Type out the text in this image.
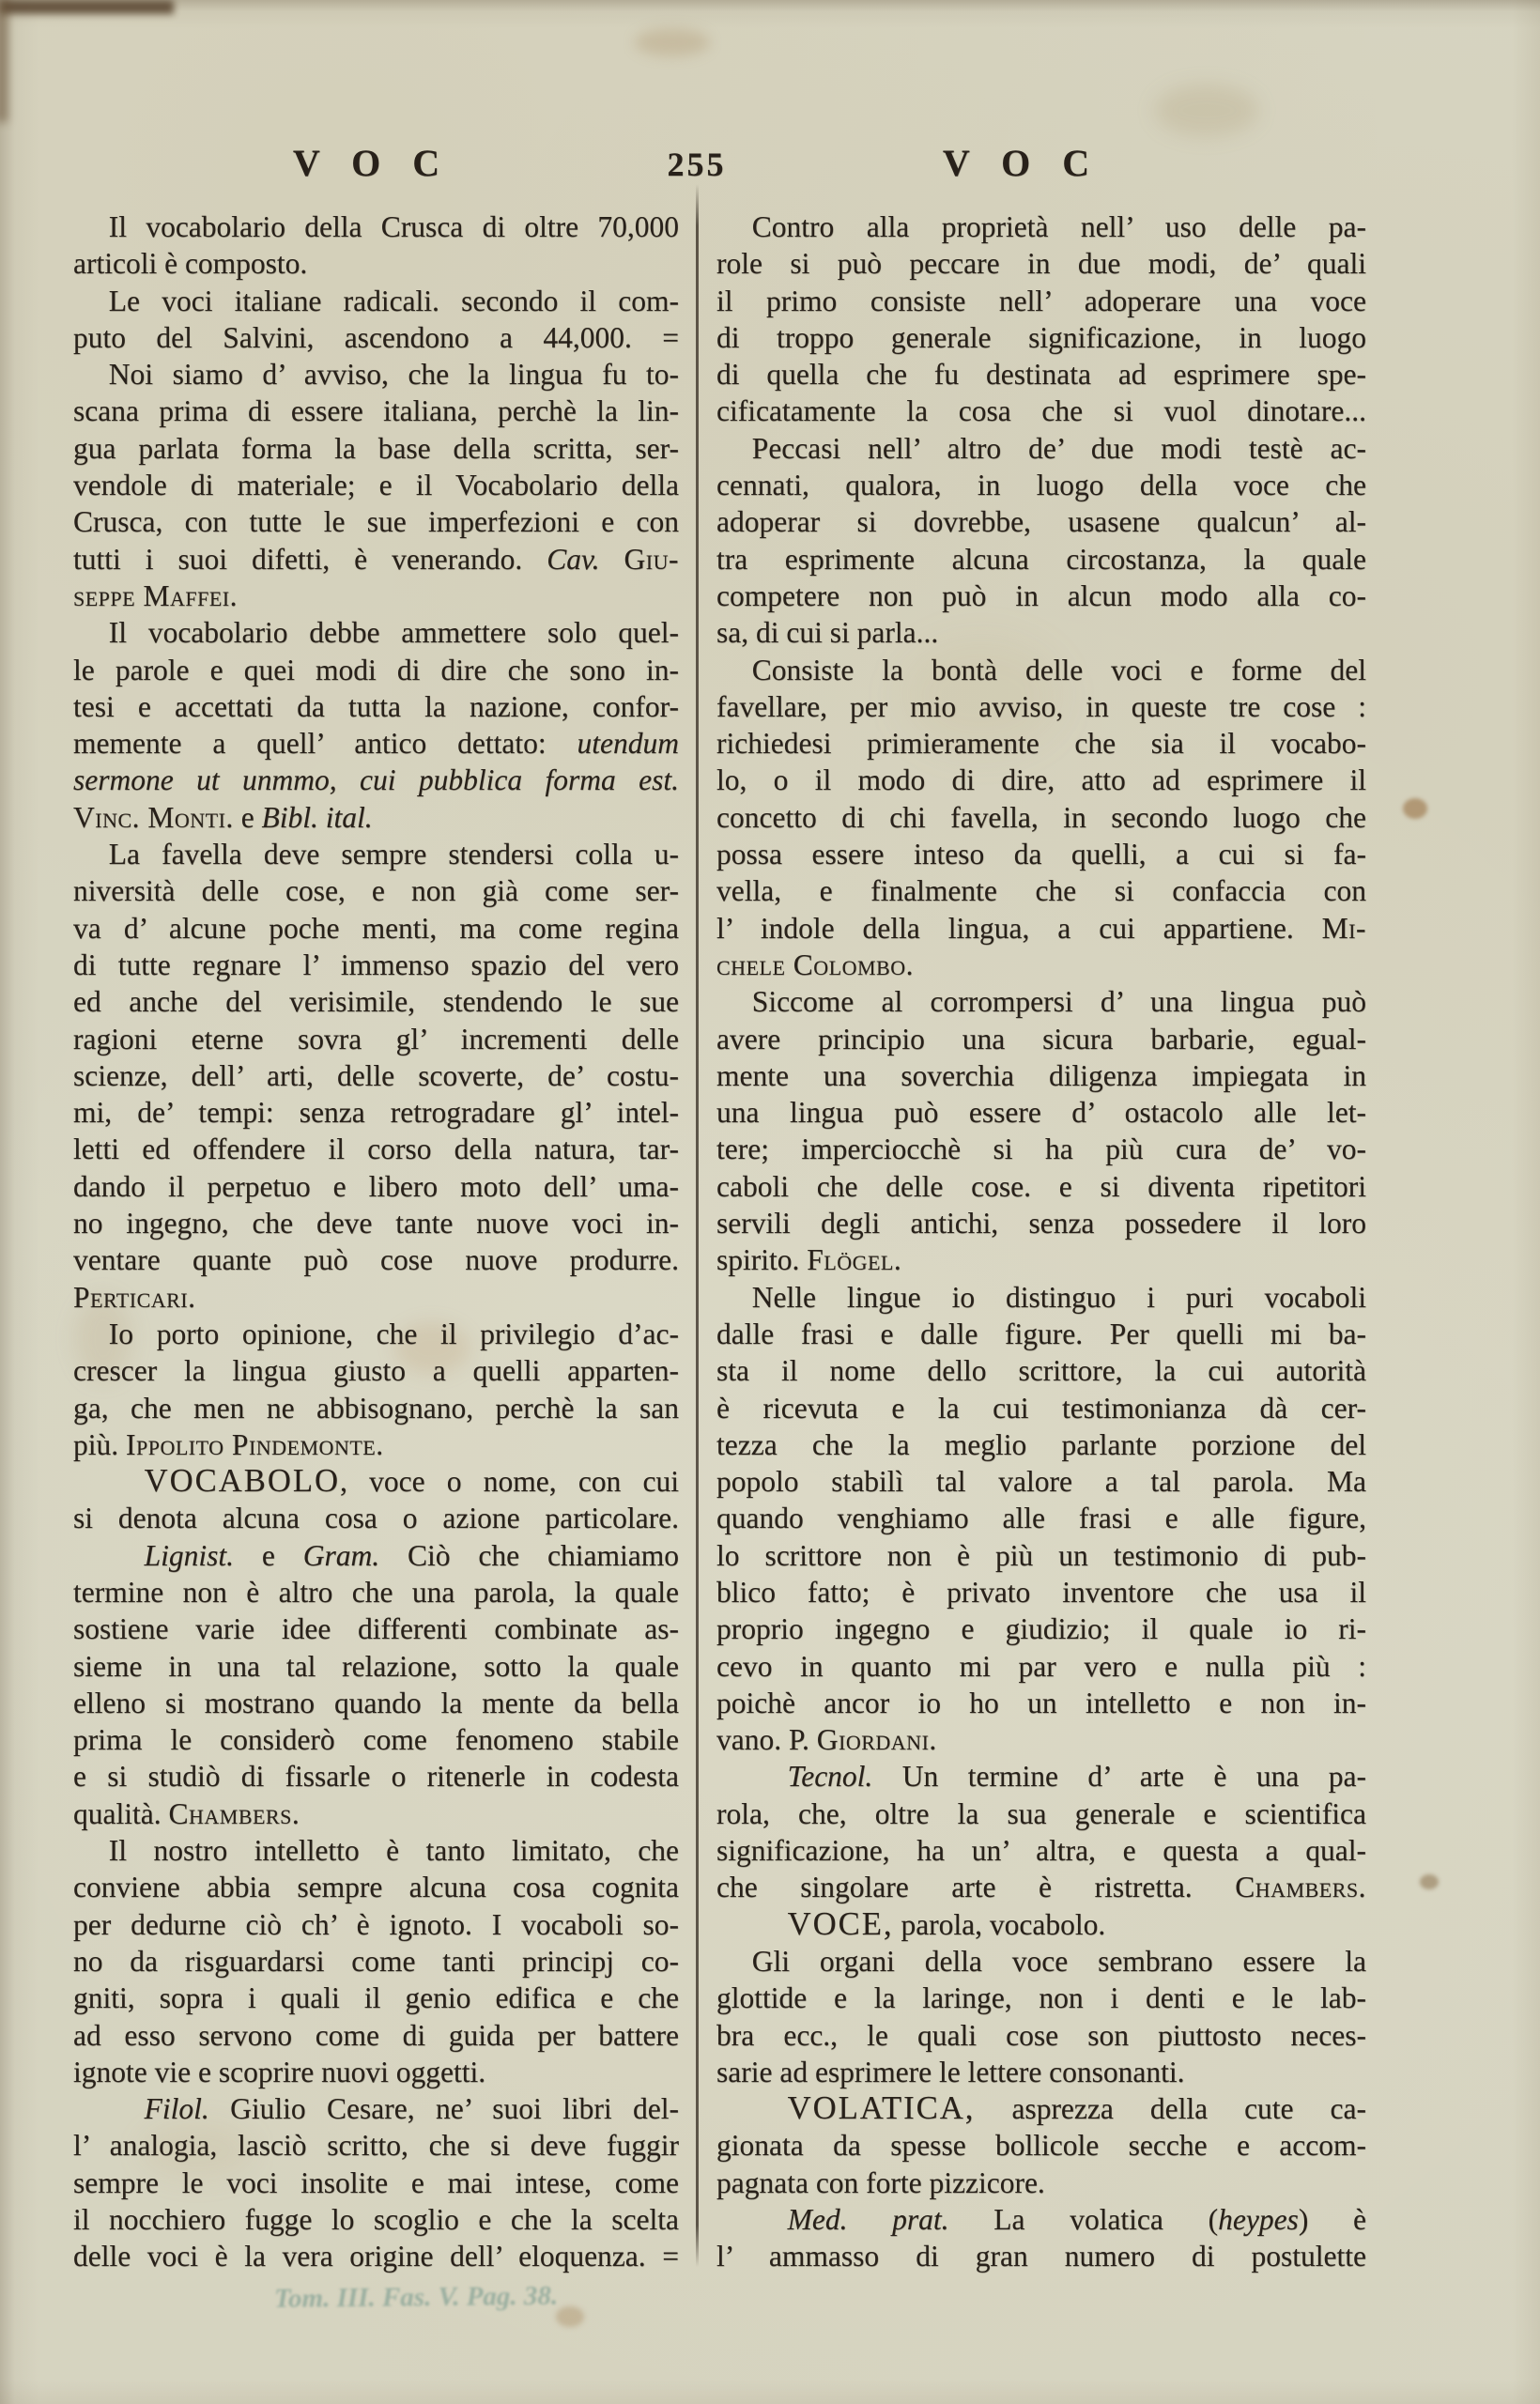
V O C	255	V O C
Il vocabolario della Crusca di oltre 70,000
articoli è composto.
Le voci italiane radicali. secondo il com-
puto del Salvini, ascendono a 44,000. =
Noi siamo d’ avviso, che la lingua fu to-
scana prima di essere italiana, perchè la lin-
gua parlata forma la base della scritta, ser-
vendole di materiale; e il Vocabolario della
Crusca, con tutte le sue imperfezioni e con
tutti i suoi difetti, è venerando. Cav. Giu-
seppe Maffei.
Il vocabolario debbe ammettere solo quel-
le parole e quei modi di dire che sono in-
tesi e accettati da tutta la nazione, confor-
memente a quell’ antico dettato: utendum
sermone ut unmmo, cui pubblica forma est.
Vinc. Monti. e Bibl. ital.
La favella deve sempre stendersi colla u-
niversità delle cose, e non già come ser-
va d’ alcune poche menti, ma come regina
di tutte regnare l’ immenso spazio del vero
ed anche del verisimile, stendendo le sue
ragioni eterne sovra gl’ incrementi delle
scienze, dell’ arti, delle scoverte, de’ costu-
mi, de’ tempi: senza retrogradare gl’ intel-
letti ed offendere il corso della natura, tar-
dando il perpetuo e libero moto dell’ uma-
no ingegno, che deve tante nuove voci in-
ventare quante può cose nuove produrre.
Perticari.
Io porto opinione, che il privilegio d’ac-
crescer la lingua giusto a quelli apparten-
ga, che men ne abbisognano, perchè la san
più. Ippolito Pindemonte.
VOCABOLO, voce o nome, con cui
si denota alcuna cosa o azione particolare.
Lignist. e Gram. Ciò che chiamiamo
termine non è altro che una parola, la quale
sostiene varie idee differenti combinate as-
sieme in una tal relazione, sotto la quale
elleno si mostrano quando la mente da bella
prima le considerò come fenomeno stabile
e si studiò di fissarle o ritenerle in codesta
qualità. Chambers.
Il nostro intelletto è tanto limitato, che
conviene abbia sempre alcuna cosa cognita
per dedurne ciò ch’ è ignoto. I vocaboli so-
no da risguardarsi come tanti principj co-
gniti, sopra i quali il genio edifica e che
ad esso servono come di guida per battere
ignote vie e scoprire nuovi oggetti.
Filol. Giulio Cesare, ne’ suoi libri del-
l’ analogia, lasciò scritto, che si deve fuggir
sempre le voci insolite e mai intese, come
il nocchiero fugge lo scoglio e che la scelta
delle voci è la vera origine dell’ eloquenza. =
Contro alla proprietà nell’ uso delle pa-
role si può peccare in due modi, de’ quali
il primo consiste nell’ adoperare una voce
di troppo generale significazione, in luogo
di quella che fu destinata ad esprimere spe-
cificatamente la cosa che si vuol dinotare...
Peccasi nell’ altro de’ due modi testè ac-
cennati, qualora, in luogo della voce che
adoperar si dovrebbe, usasene qualcun’ al-
tra esprimente alcuna circostanza, la quale
competere non può in alcun modo alla co-
sa, di cui si parla...
Consiste la bontà delle voci e forme del
favellare, per mio avviso, in queste tre cose :
richiedesi primieramente che sia il vocabo-
lo, o il modo di dire, atto ad esprimere il
concetto di chi favella, in secondo luogo che
possa essere inteso da quelli, a cui si fa-
vella, e finalmente che si confaccia con
l’ indole della lingua, a cui appartiene. Mi-
chele Colombo.
Siccome al corrompersi d’ una lingua può
avere principio una sicura barbarie, egual-
mente una soverchia diligenza impiegata in
una lingua può essere d’ ostacolo alle let-
tere; imperciocchè si ha più cura de’ vo-
caboli che delle cose. e si diventa ripetitori
servili degli antichi, senza possedere il loro
spirito. Flögel.
Nelle lingue io distinguo i puri vocaboli
dalle frasi e dalle figure. Per quelli mi ba-
sta il nome dello scrittore, la cui autorità
è ricevuta e la cui testimonianza dà cer-
tezza che la meglio parlante porzione del
popolo stabilì tal valore a tal parola. Ma
quando venghiamo alle frasi e alle figure,
lo scrittore non è più un testimonio di pub-
blico fatto; è privato inventore che usa il
proprio ingegno e giudizio; il quale io ri-
cevo in quanto mi par vero e nulla più :
poichè ancor io ho un intelletto e non in-
vano. P. Giordani.
Tecnol. Un termine d’ arte è una pa-
rola, che, oltre la sua generale e scientifica
significazione, ha un’ altra, e questa a qual-
che singolare arte è ristretta. Chambers.
VOCE, parola, vocabolo.
Gli organi della voce sembrano essere la
glottide e la laringe, non i denti e le lab-
bra ecc., le quali cose son piuttosto neces-
sarie ad esprimere le lettere consonanti.
VOLATICA, asprezza della cute ca-
gionata da spesse bollicole secche e accom-
pagnata con forte pizzicore.
Med. prat. La volatica (heypes) è
l’ ammasso di gran numero di postulette
Tom. III. Fas. V. Pag. 38.
